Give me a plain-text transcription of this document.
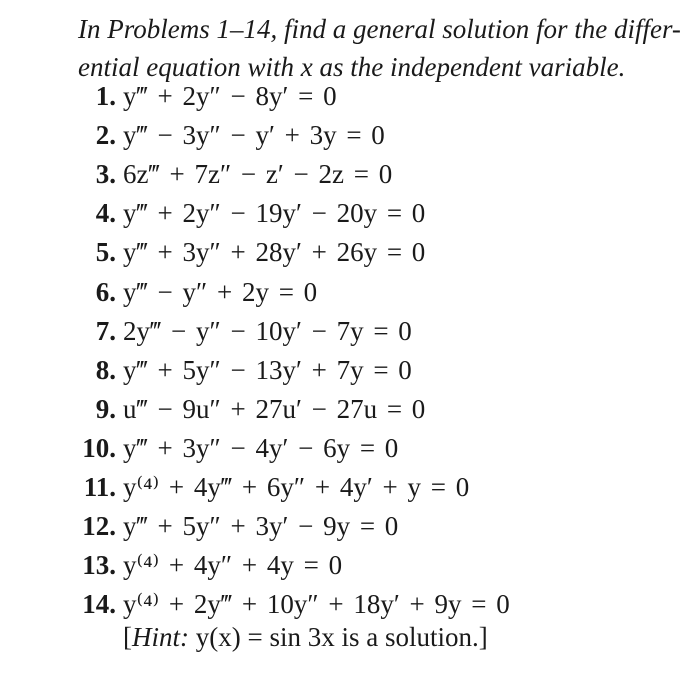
In Problems 1–14, find a general solution for the differ-
ential equation with x as the independent variable.
1. y‴ + 2y″ − 8y′ = 0
2. y‴ − 3y″ − y′ + 3y = 0
3. 6z‴ + 7z″ − z′ − 2z = 0
4. y‴ + 2y″ − 19y′ − 20y = 0
5. y‴ + 3y″ + 28y′ + 26y = 0
6. y‴ − y″ + 2y = 0
7. 2y‴ − y″ − 10y′ − 7y = 0
8. y‴ + 5y″ − 13y′ + 7y = 0
9. u‴ − 9u″ + 27u′ − 27u = 0
10. y‴ + 3y″ − 4y′ − 6y = 0
11. y⁽⁴⁾ + 4y‴ + 6y″ + 4y′ + y = 0
12. y‴ + 5y″ + 3y′ − 9y = 0
13. y⁽⁴⁾ + 4y″ + 4y = 0
14. y⁽⁴⁾ + 2y‴ + 10y″ + 18y′ + 9y = 0
[Hint: y(x) = sin 3x is a solution.]
